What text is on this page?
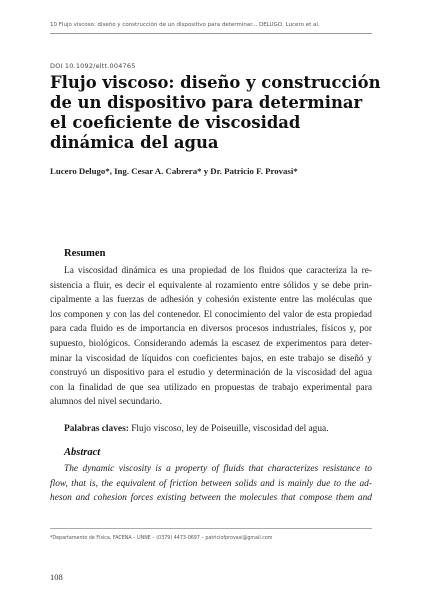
10 Flujo viscoso: diseño y construcción de un dispositivo para determinar... DELUGO, Lucero et al.
DOI 10.1092/eltt.004765
Flujo viscoso: diseño y construcción
de un dispositivo para determinar
el coeficiente de viscosidad
dinámica del agua
Lucero Delugo*, Ing. Cesar A. Cabrera* y Dr. Patricio F. Provasi*
Resumen
La viscosidad dinámica es una propiedad de los fluidos que caracteriza la re-
sistencia a fluir, es decir el equivalente al rozamiento entre sólidos y se debe prin-
cipalmente a las fuerzas de adhesión y cohesión existente entre las moléculas que
los componen y con las del contenedor. El conocimiento del valor de esta propiedad
para cada fluido es de importancia en diversos procesos industriales, físicos y, por
supuesto, biológicos. Considerando además la escasez de experimentos para deter-
minar la viscosidad de líquidos con coeficientes bajos, en este trabajo se diseñó y
construyó un dispositivo para el estudio y determinación de la viscosidad del agua
con la finalidad de que sea utilizado en propuestas de trabajo experimental para
alumnos del nivel secundario.
Palabras claves: Flujo viscoso, ley de Poiseuille, viscosidad del agua.
Abstract
The dynamic viscosity is a property of fluids that characterizes resistance to
flow, that is, the equivalent of friction between solids and is mainly due to the ad-
heson and cohesion forces existing between the molecules that compose them and
*Departamento de Física, FACENA – UNNE – (0379) 4473-0697 – patriciofprovasi@gmail.com
108
